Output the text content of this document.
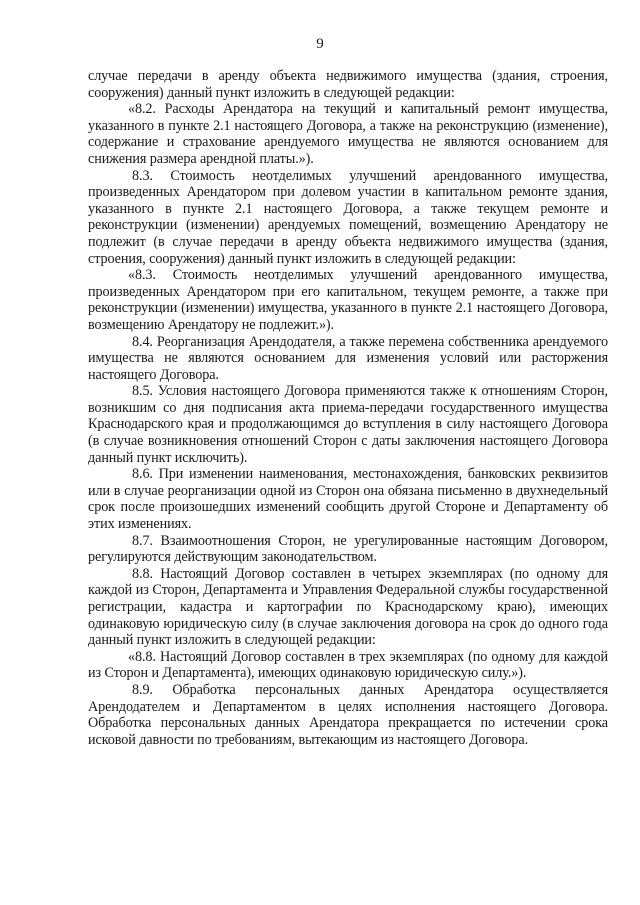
9

случае передачи в аренду объекта недвижимого имущества (здания, строения, сооружения) данный пункт изложить в следующей редакции:

«8.2. Расходы Арендатора на текущий и капитальный ремонт имущества, указанного в пункте 2.1 настоящего Договора, а также на реконструкцию (изменение), содержание и страхование арендуемого имущества не являются основанием для снижения размера арендной платы.»).

8.3. Стоимость неотделимых улучшений арендованного имущества, произведенных Арендатором при долевом участии в капитальном ремонте здания, указанного в пункте 2.1 настоящего Договора, а также текущем ремонте и реконструкции (изменении) арендуемых помещений, возмещению Арендатору не подлежит (в случае передачи в аренду объекта недвижимого имущества (здания, строения, сооружения) данный пункт изложить в следующей редакции:

«8.3. Стоимость неотделимых улучшений арендованного имущества, произведенных Арендатором при его капитальном, текущем ремонте, а также при реконструкции (изменении) имущества, указанного в пункте 2.1 настоящего Договора, возмещению Арендатору не подлежит.»).

8.4. Реорганизация Арендодателя, а также перемена собственника арендуемого имущества не являются основанием для изменения условий или расторжения настоящего Договора.

8.5. Условия настоящего Договора применяются также к отношениям Сторон, возникшим со дня подписания акта приема-передачи государственного имущества Краснодарского края и продолжающимся до вступления в силу настоящего Договора (в случае возникновения отношений Сторон с даты заключения настоящего Договора данный пункт исключить).

8.6. При изменении наименования, местонахождения, банковских реквизитов или в случае реорганизации одной из Сторон она обязана письменно в двухнедельный срок после произошедших изменений сообщить другой Стороне и Департаменту об этих изменениях.

8.7. Взаимоотношения Сторон, не урегулированные настоящим Договором, регулируются действующим законодательством.

8.8. Настоящий Договор составлен в четырех экземплярах (по одному для каждой из Сторон, Департамента и Управления Федеральной службы государственной регистрации, кадастра и картографии по Краснодарскому краю), имеющих одинаковую юридическую силу (в случае заключения договора на срок до одного года данный пункт изложить в следующей редакции:

«8.8. Настоящий Договор составлен в трех экземплярах (по одному для каждой из Сторон и Департамента), имеющих одинаковую юридическую силу.»).

8.9. Обработка персональных данных Арендатора осуществляется Арендодателем и Департаментом в целях исполнения настоящего Договора. Обработка персональных данных Арендатора прекращается по истечении срока исковой давности по требованиям, вытекающим из настоящего Договора.
